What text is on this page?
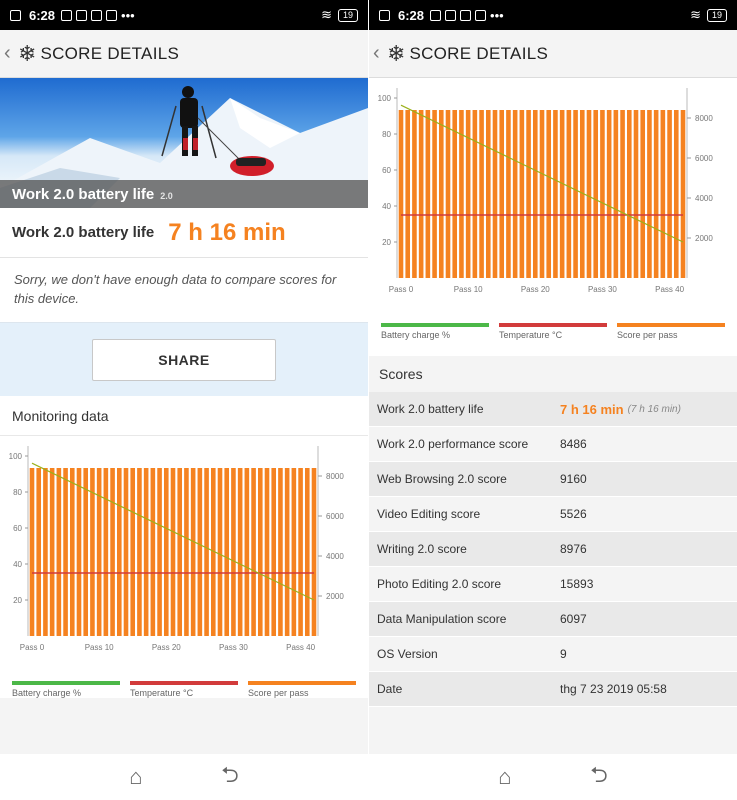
6:28	•••	≋	19
‹ ❄ SCORE DETAILS
Work 2.0 battery life 2.0
Work 2.0 battery life 7 h 16 min
Sorry, we don't have enough data to compare scores for this device.
SHARE
Monitoring data
100
80
60
40
20
8000
6000
4000
2000
Pass 0	Pass 10	Pass 20	Pass 30	Pass 40
Battery charge %	Temperature °C	Score per pass
⌂	⮌
6:28	•••	≋	19
‹ ❄ SCORE DETAILS
100
80
60
40
20
8000
6000
4000
2000
Pass 0	Pass 10	Pass 20	Pass 30	Pass 40
Battery charge %	Temperature °C	Score per pass
Scores
Work 2.0 battery life	7 h 16 min (7 h 16 min)
Work 2.0 performance score	8486
Web Browsing 2.0 score	9160
Video Editing score	5526
Writing 2.0 score	8976
Photo Editing 2.0 score	15893
Data Manipulation score	6097
OS Version	9
Date	thg 7 23 2019 05:58
⌂	⮌
